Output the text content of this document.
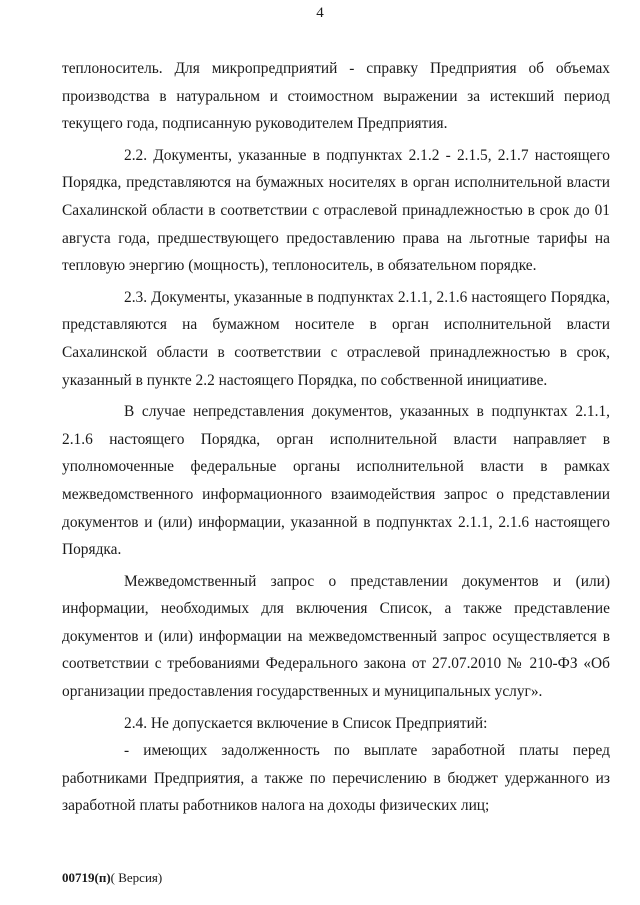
4

теплоноситель. Для микропредприятий - справку Предприятия об объемах производства в натуральном и стоимостном выражении за истекший период текущего года, подписанную руководителем Предприятия.

2.2. Документы, указанные в подпунктах 2.1.2 - 2.1.5, 2.1.7 настоящего Порядка, представляются на бумажных носителях в орган исполнительной власти Сахалинской области в соответствии с отраслевой принадлежностью в срок до 01 августа года, предшествующего предоставлению права на льготные тарифы на тепловую энергию (мощность), теплоноситель, в обязательном порядке.

2.3. Документы, указанные в подпунктах 2.1.1, 2.1.6 настоящего Порядка, представляются на бумажном носителе в орган исполнительной власти Сахалинской области в соответствии с отраслевой принадлежностью в срок, указанный в пункте 2.2 настоящего Порядка, по собственной инициативе.

В случае непредставления документов, указанных в подпунктах 2.1.1, 2.1.6 настоящего Порядка, орган исполнительной власти направляет в уполномоченные федеральные органы исполнительной власти в рамках межведомственного информационного взаимодействия запрос о представлении документов и (или) информации, указанной в подпунктах 2.1.1, 2.1.6 настоящего Порядка.

Межведомственный запрос о представлении документов и (или) информации, необходимых для включения Список, а также представление документов и (или) информации на межведомственный запрос осуществляется в соответствии с требованиями Федерального закона от 27.07.2010 № 210-ФЗ «Об организации предоставления государственных и муниципальных услуг».

2.4. Не допускается включение в Список Предприятий:

- имеющих задолженность по выплате заработной платы перед работниками Предприятия, а также по перечислению в бюджет удержанного из заработной платы работников налога на доходы физических лиц;

00719(п)( Версия)
